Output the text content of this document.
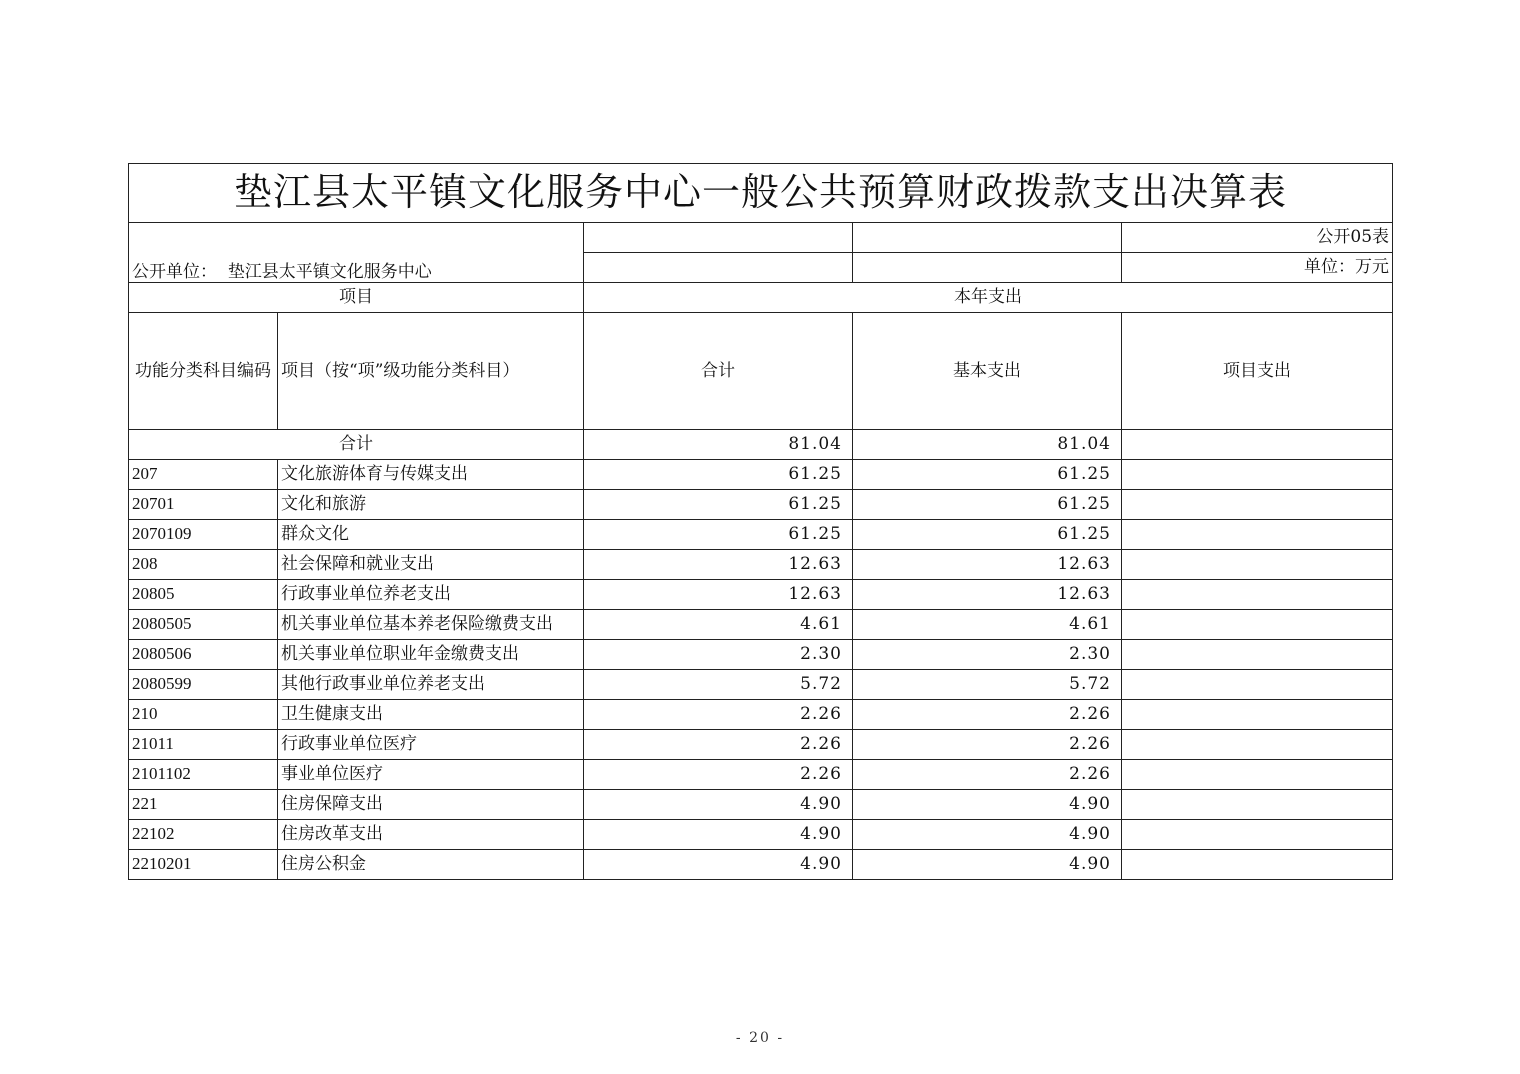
垫江县太平镇文化服务中心一般公共预算财政拨款支出决算表				
公开单位： 垫江县太平镇文化服务中心				公开05表
				单位：万元
项目		本年支出		
功能分类科目编码	项目（按“项”级功能分类科目）	合计	基本支出	项目支出
合计		81.04	81.04	
207	文化旅游体育与传媒支出	61.25	61.25	
20701	文化和旅游	61.25	61.25	
2070109	群众文化	61.25	61.25	
208	社会保障和就业支出	12.63	12.63	
20805	行政事业单位养老支出	12.63	12.63	
2080505	机关事业单位基本养老保险缴费支出	4.61	4.61	
2080506	机关事业单位职业年金缴费支出	2.30	2.30	
2080599	其他行政事业单位养老支出	5.72	5.72	
210	卫生健康支出	2.26	2.26	
21011	行政事业单位医疗	2.26	2.26	
2101102	事业单位医疗	2.26	2.26	
221	住房保障支出	4.90	4.90	
22102	住房改革支出	4.90	4.90	
2210201	住房公积金	4.90	4.90	
- 20 -
